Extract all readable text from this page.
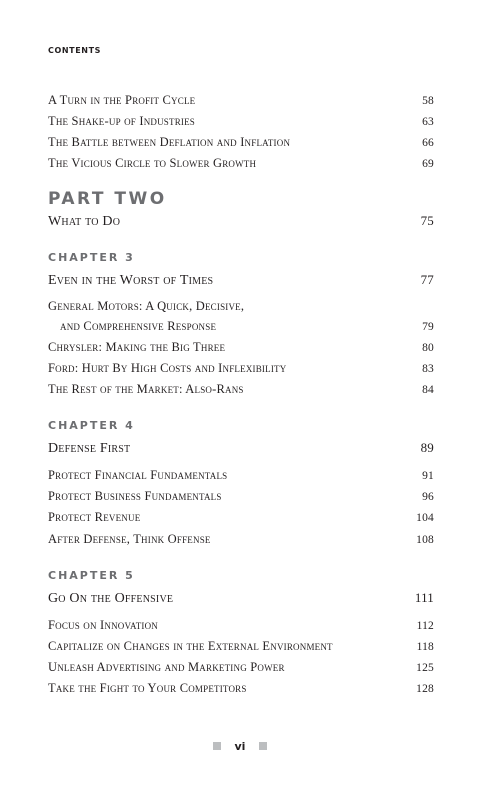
CONTENTS
A Turn in the Profit Cycle	58
The Shake-up of Industries	63
The Battle between Deflation and Inflation	66
The Vicious Circle to Slower Growth	69
PART TWO
What to Do	75
CHAPTER 3
Even in the Worst of Times	77
General Motors: A Quick, Decisive,
and Comprehensive Response	79
Chrysler: Making the Big Three	80
Ford: Hurt By High Costs and Inflexibility	83
The Rest of the Market: Also-Rans	84
CHAPTER 4
Defense First	89
Protect Financial Fundamentals	91
Protect Business Fundamentals	96
Protect Revenue	104
After Defense, Think Offense	108
CHAPTER 5
Go On the Offensive	111
Focus on Innovation	112
Capitalize on Changes in the External Environment	118
Unleash Advertising and Marketing Power	125
Take the Fight to Your Competitors	128
vi
